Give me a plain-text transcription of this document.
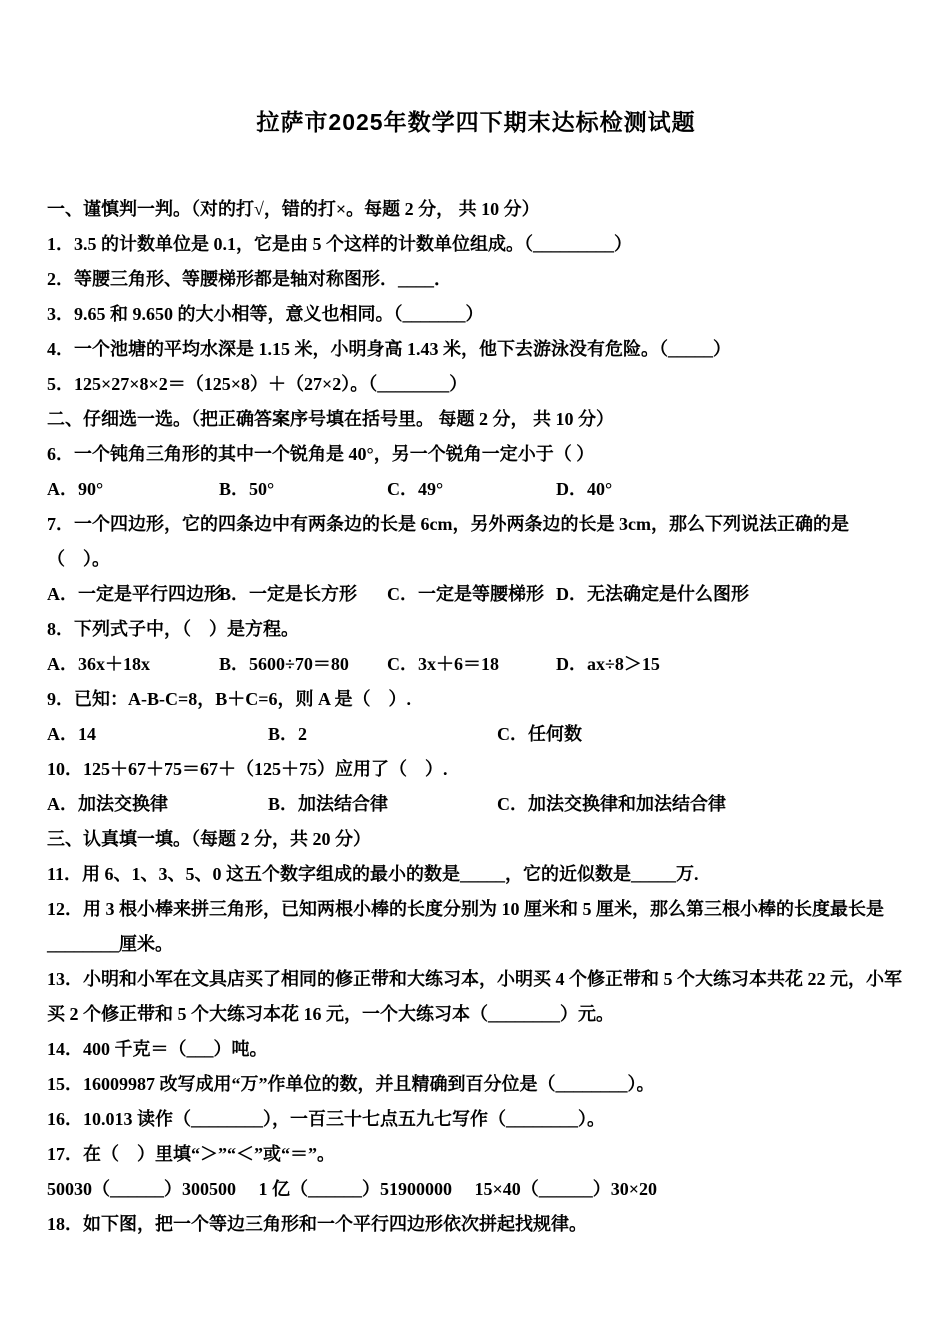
拉萨市2025年数学四下期末达标检测试题

一、谨慎判一判。（对的打√，错的打×。每题 2 分， 共 10 分）

1．3.5 的计数单位是 0.1，它是由 5 个这样的计数单位组成。（_________）

2．等腰三角形、等腰梯形都是轴对称图形．____．

3．9.65 和 9.650 的大小相等，意义也相同。（_______）

4．一个池塘的平均水深是 1.15 米，小明身高 1.43 米，他下去游泳没有危险。（_____）

5．125×27×8×2＝（125×8）＋（27×2）。（________）

二、仔细选一选。（把正确答案序号填在括号里。 每题 2 分， 共 10 分）

6．一个钝角三角形的其中一个锐角是 40°，另一个锐角一定小于（ ）

A．90°	B．50°	C．49°	D．40°

7．一个四边形，它的四条边中有两条边的长是 6cm，另外两条边的长是 3cm，那么下列说法正确的是（　）。

A．一定是平行四边形
B．一定是长方形	C．一定是等腰梯形 D．无法确定是什么图形

8．下列式子中，（　）是方程。

A．36x＋18x	B．5600÷70＝80	C．3x＋6＝18	D．ax÷8＞15

9．已知：A-B-C=8，B＋C=6，则 A 是（　）.

A．14	B．2	C．任何数

10．125＋67＋75＝67＋（125＋75）应用了（　）.

A．加法交换律	B．加法结合律	C．加法交换律和加法结合律

三、认真填一填。（每题 2 分，共 20 分）

11．用 6、1、3、5、0 这五个数字组成的最小的数是_____，它的近似数是_____万.

12．用 3 根小棒来拼三角形，已知两根小棒的长度分别为 10 厘米和 5 厘米，那么第三根小棒的长度最长是________厘米。

13．小明和小军在文具店买了相同的修正带和大练习本，小明买 4 个修正带和 5 个大练习本共花 22 元，小军买 2 个修正带和 5 个大练习本花 16 元，一个大练习本（________）元。

14．400 千克＝（___）吨。

15．16009987 改写成用“万”作单位的数，并且精确到百分位是（________）。

16．10.013 读作（________），一百三十七点五九七写作（________）。

17．在（　）里填“＞”“＜”或“＝”。

50030（______）300500　 1 亿（______）51900000　 15×40（______）30×20

18．如下图，把一个等边三角形和一个平行四边形依次拼起找规律。
